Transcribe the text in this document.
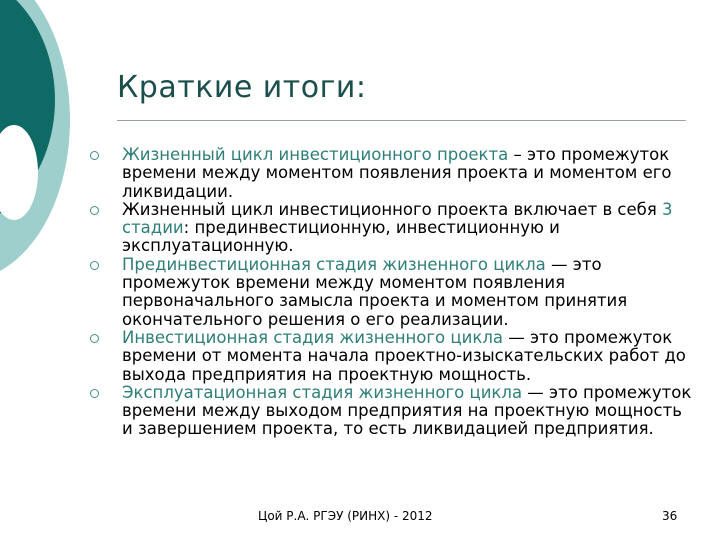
Краткие итоги:
Жизненный цикл инвестиционного проекта – это промежуток времени между моментом появления проекта и моментом его ликвидации.
Жизненный цикл инвестиционного проекта включает в себя 3 стадии: прединвестиционную, инвестиционную и эксплуатационную.
Прединвестиционная стадия жизненного цикла — это промежуток времени между моментом появления первоначального замысла проекта и моментом принятия окончательного решения о его реализации.
Инвестиционная стадия жизненного цикла — это промежуток времени от момента начала проектно-изыскательских работ до выхода предприятия на проектную мощность.
Эксплуатационная стадия жизненного цикла — это промежуток времени между выходом предприятия на проектную мощность и завершением проекта, то есть ликвидацией предприятия.
Цой Р.А. РГЭУ (РИНХ) - 2012	36
